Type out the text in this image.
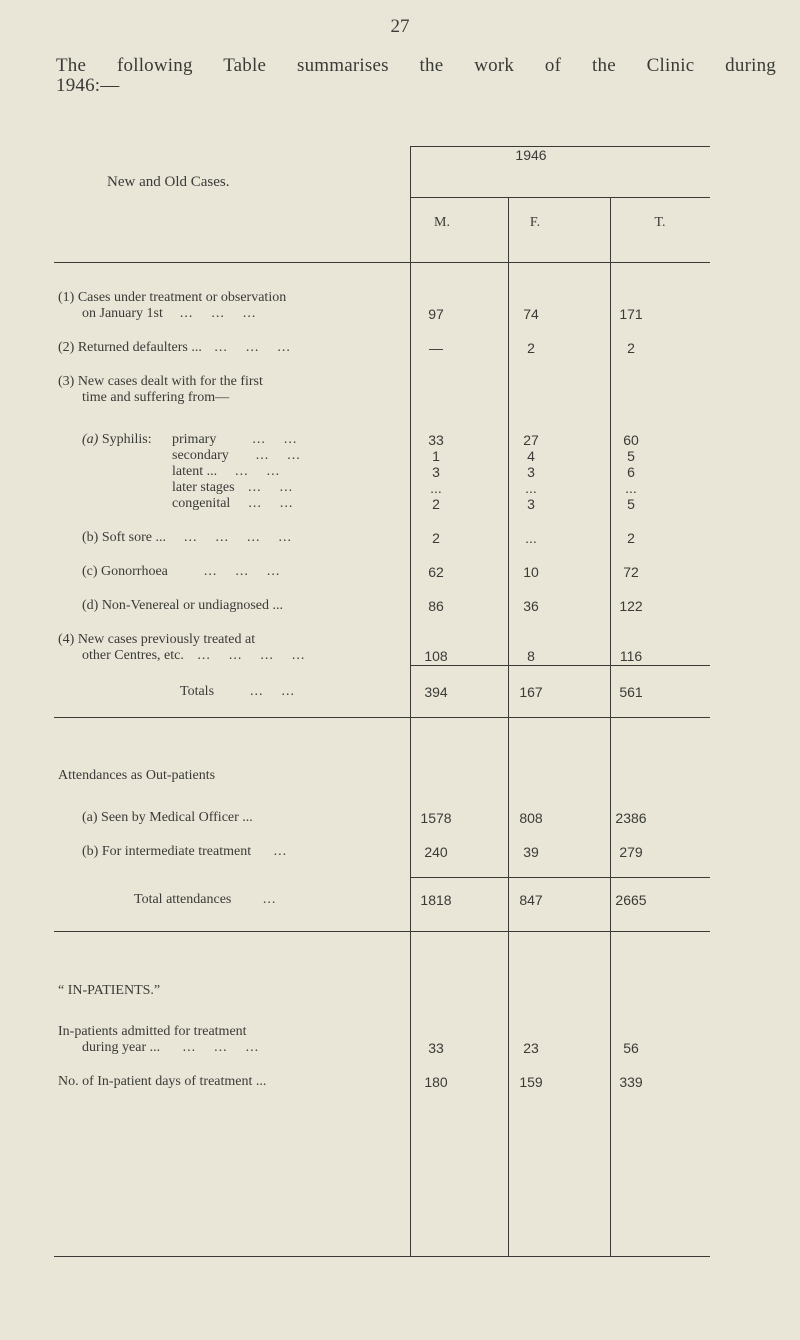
27
The following Table summarises the work of the Clinic during
1946:—
New and Old Cases.
1946
M.	F.	T.
(1) Cases under treatment or observation
on January 1st    ...    ...    ...	97	74	171
(2) Returned defaulters ...   ...    ...    ...	—	2	2
(3) New cases dealt with for the first
time and suffering from—
(a) Syphilis: primary        ...    ...	33	27	60
secondary      ...    ...	1	4	5
latent ...    ...    ...	3	3	6
later stages   ...    ...	...	...	...
congenital    ...    ...	2	3	5
(b) Soft sore ...    ...    ...    ...    ...	2	...	2
(c) Gonorrhoea        ...    ...    ...	62	10	72
(d) Non-Venereal or undiagnosed ...	86	36	122
(4) New cases previously treated at
other Centres, etc.   ...    ...    ...    ...	108	8	116
Totals        ...    ...	394	167	561
Attendances as Out-patients
(a) Seen by Medical Officer ...	1578	808	2386
(b) For intermediate treatment     ...	240	39	279
Total attendances       ...	1818	847	2665
“ IN-PATIENTS.”
In-patients admitted for treatment
during year ...     ...    ...    ...	33	23	56
No. of In-patient days of treatment ...	180	159	339
